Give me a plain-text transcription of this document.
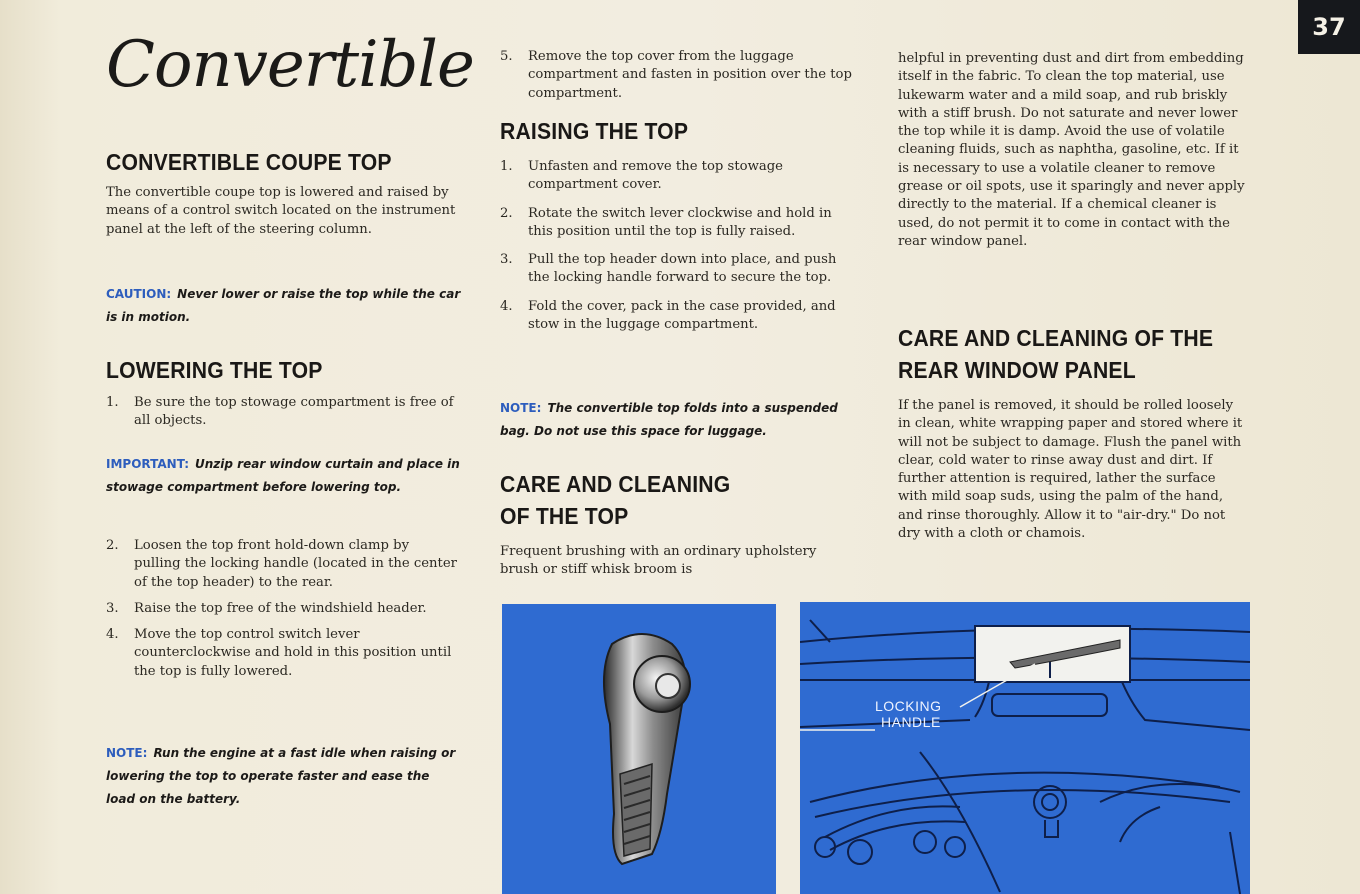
37
Convertible
CONVERTIBLE COUPE TOP

The convertible coupe top is lowered and raised by means of a control switch located on the instrument panel at the left of the steering column.

CAUTION: Never lower or raise the top while the car is in motion.
LOWERING THE TOP
1. Be sure the top stowage compartment is free of all objects.
IMPORTANT: Unzip rear window curtain and place in stowage compartment before lowering top.
2. Loosen the top front hold-down clamp by pulling the locking handle (located in the center of the top header) to the rear.
3. Raise the top free of the windshield header.
4. Move the top control switch lever counterclockwise and hold in this position until the top is fully lowered.
NOTE: Run the engine at a fast idle when raising or lowering the top to operate faster and ease the load on the battery.
5. Remove the top cover from the luggage compartment and fasten in position over the top compartment.
RAISING THE TOP
1. Unfasten and remove the top stowage compartment cover.
2. Rotate the switch lever clockwise and hold in this position until the top is fully raised.
3. Pull the top header down into place, and push the locking handle forward to secure the top.
4. Fold the cover, pack in the case provided, and stow in the luggage compartment.
NOTE: The convertible top folds into a suspended bag. Do not use this space for luggage.
CARE AND CLEANING
OF THE TOP

Frequent brushing with an ordinary upholstery brush or stiff whisk broom is

helpful in preventing dust and dirt from embedding itself in the fabric. To clean the top material, use lukewarm water and a mild soap, and rub briskly with a stiff brush. Do not saturate and never lower the top while it is damp. Avoid the use of volatile cleaning fluids, such as naphtha, gasoline, etc. If it is necessary to use a volatile cleaner to remove grease or oil spots, use it sparingly and never apply directly to the material. If a chemical cleaner is used, do not permit it to come in contact with the rear window panel.

CARE AND CLEANING OF THE
REAR WINDOW PANEL

If the panel is removed, it should be rolled loosely in clean, white wrapping paper and stored where it will not be subject to damage. Flush the panel with clear, cold water to rinse away dust and dirt. If further attention is required, lather the surface with mild soap suds, using the palm of the hand, and rinse thoroughly. Allow it to "air-dry." Do not dry with a cloth or chamois.

LOCKING
HANDLE
